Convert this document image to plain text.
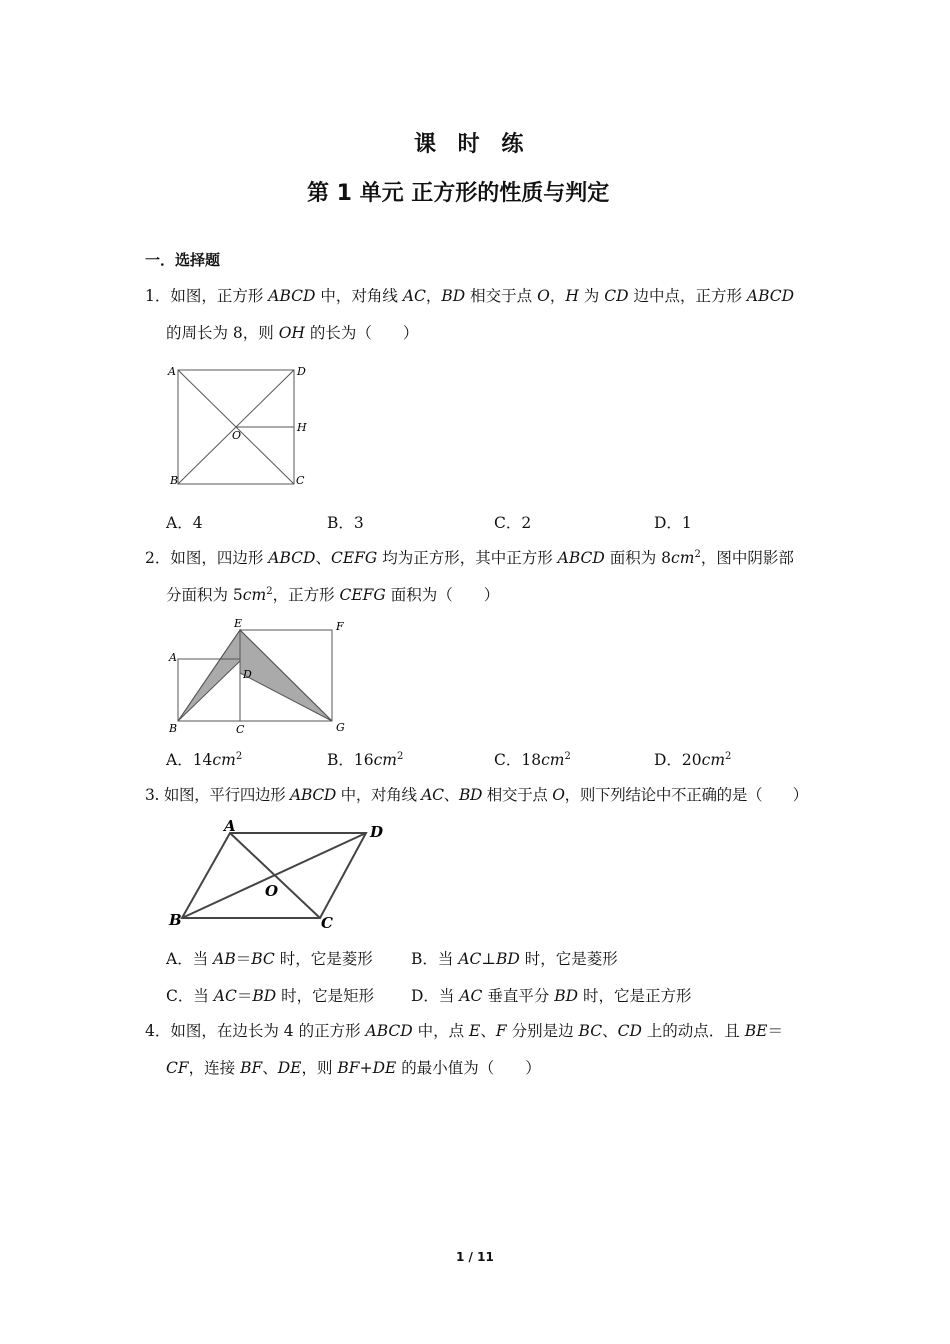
课 时 练
第 1 单元 正方形的性质与判定
一．选择题
1．如图，正方形 ABCD 中，对角线 AC，BD 相交于点 O，H 为 CD 边中点，正方形 ABCD
的周长为 8，则 OH 的长为（　　）
A	D
H
O
B	C
A．4	B．3	C．2	D．1
2．如图，四边形 ABCD、CEFG 均为正方形，其中正方形 ABCD 面积为 $8cm^2$，图中阴影部
分面积为 $5cm^2$，正方形 CEFG 面积为（　　）
E	F
A
D
B	C	G
A．$14cm^2$	B．$16cm^2$	C．$18cm^2$	D．$20cm^2$
3. 如图，平行四边形 ABCD 中，对角线 AC、BD 相交于点 O，则下列结论中不正确的是（　　）
A	D
O
B	C
A．当 AB＝BC 时，它是菱形 B．当 AC⊥BD 时，它是菱形
C．当 AC＝BD 时，它是矩形 D．当 AC 垂直平分 BD 时，它是正方形
4．如图，在边长为 4 的正方形 ABCD 中，点 E、F 分别是边 BC、CD 上的动点．且 BE＝
CF，连接 BF、DE，则 BF+DE 的最小值为（　　）
1 / 11
